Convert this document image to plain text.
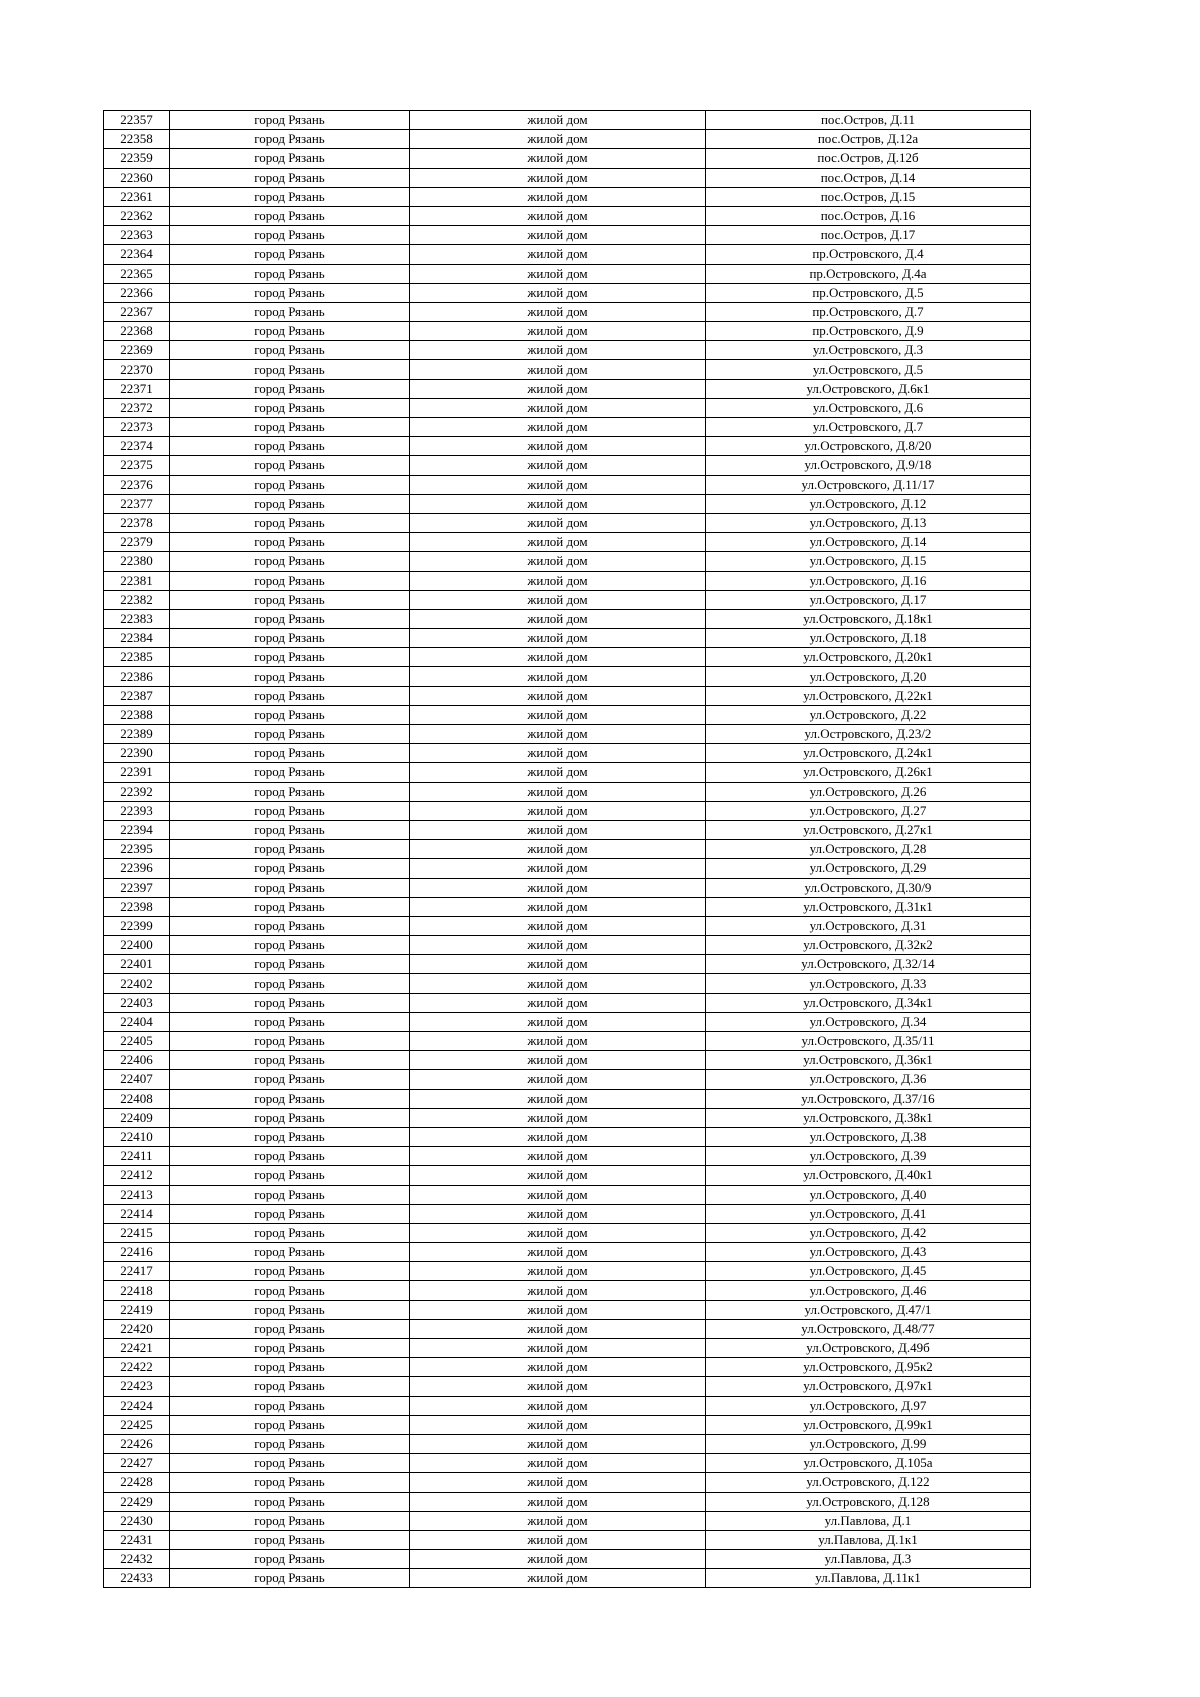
22357	город Рязань	жилой дом	пос.Остров, Д.11
22358	город Рязань	жилой дом	пос.Остров, Д.12а
22359	город Рязань	жилой дом	пос.Остров, Д.12б
22360	город Рязань	жилой дом	пос.Остров, Д.14
22361	город Рязань	жилой дом	пос.Остров, Д.15
22362	город Рязань	жилой дом	пос.Остров, Д.16
22363	город Рязань	жилой дом	пос.Остров, Д.17
22364	город Рязань	жилой дом	пр.Островского, Д.4
22365	город Рязань	жилой дом	пр.Островского, Д.4а
22366	город Рязань	жилой дом	пр.Островского, Д.5
22367	город Рязань	жилой дом	пр.Островского, Д.7
22368	город Рязань	жилой дом	пр.Островского, Д.9
22369	город Рязань	жилой дом	ул.Островского, Д.3
22370	город Рязань	жилой дом	ул.Островского, Д.5
22371	город Рязань	жилой дом	ул.Островского, Д.6к1
22372	город Рязань	жилой дом	ул.Островского, Д.6
22373	город Рязань	жилой дом	ул.Островского, Д.7
22374	город Рязань	жилой дом	ул.Островского, Д.8/20
22375	город Рязань	жилой дом	ул.Островского, Д.9/18
22376	город Рязань	жилой дом	ул.Островского, Д.11/17
22377	город Рязань	жилой дом	ул.Островского, Д.12
22378	город Рязань	жилой дом	ул.Островского, Д.13
22379	город Рязань	жилой дом	ул.Островского, Д.14
22380	город Рязань	жилой дом	ул.Островского, Д.15
22381	город Рязань	жилой дом	ул.Островского, Д.16
22382	город Рязань	жилой дом	ул.Островского, Д.17
22383	город Рязань	жилой дом	ул.Островского, Д.18к1
22384	город Рязань	жилой дом	ул.Островского, Д.18
22385	город Рязань	жилой дом	ул.Островского, Д.20к1
22386	город Рязань	жилой дом	ул.Островского, Д.20
22387	город Рязань	жилой дом	ул.Островского, Д.22к1
22388	город Рязань	жилой дом	ул.Островского, Д.22
22389	город Рязань	жилой дом	ул.Островского, Д.23/2
22390	город Рязань	жилой дом	ул.Островского, Д.24к1
22391	город Рязань	жилой дом	ул.Островского, Д.26к1
22392	город Рязань	жилой дом	ул.Островского, Д.26
22393	город Рязань	жилой дом	ул.Островского, Д.27
22394	город Рязань	жилой дом	ул.Островского, Д.27к1
22395	город Рязань	жилой дом	ул.Островского, Д.28
22396	город Рязань	жилой дом	ул.Островского, Д.29
22397	город Рязань	жилой дом	ул.Островского, Д.30/9
22398	город Рязань	жилой дом	ул.Островского, Д.31к1
22399	город Рязань	жилой дом	ул.Островского, Д.31
22400	город Рязань	жилой дом	ул.Островского, Д.32к2
22401	город Рязань	жилой дом	ул.Островского, Д.32/14
22402	город Рязань	жилой дом	ул.Островского, Д.33
22403	город Рязань	жилой дом	ул.Островского, Д.34к1
22404	город Рязань	жилой дом	ул.Островского, Д.34
22405	город Рязань	жилой дом	ул.Островского, Д.35/11
22406	город Рязань	жилой дом	ул.Островского, Д.36к1
22407	город Рязань	жилой дом	ул.Островского, Д.36
22408	город Рязань	жилой дом	ул.Островского, Д.37/16
22409	город Рязань	жилой дом	ул.Островского, Д.38к1
22410	город Рязань	жилой дом	ул.Островского, Д.38
22411	город Рязань	жилой дом	ул.Островского, Д.39
22412	город Рязань	жилой дом	ул.Островского, Д.40к1
22413	город Рязань	жилой дом	ул.Островского, Д.40
22414	город Рязань	жилой дом	ул.Островского, Д.41
22415	город Рязань	жилой дом	ул.Островского, Д.42
22416	город Рязань	жилой дом	ул.Островского, Д.43
22417	город Рязань	жилой дом	ул.Островского, Д.45
22418	город Рязань	жилой дом	ул.Островского, Д.46
22419	город Рязань	жилой дом	ул.Островского, Д.47/1
22420	город Рязань	жилой дом	ул.Островского, Д.48/77
22421	город Рязань	жилой дом	ул.Островского, Д.49б
22422	город Рязань	жилой дом	ул.Островского, Д.95к2
22423	город Рязань	жилой дом	ул.Островского, Д.97к1
22424	город Рязань	жилой дом	ул.Островского, Д.97
22425	город Рязань	жилой дом	ул.Островского, Д.99к1
22426	город Рязань	жилой дом	ул.Островского, Д.99
22427	город Рязань	жилой дом	ул.Островского, Д.105а
22428	город Рязань	жилой дом	ул.Островского, Д.122
22429	город Рязань	жилой дом	ул.Островского, Д.128
22430	город Рязань	жилой дом	ул.Павлова, Д.1
22431	город Рязань	жилой дом	ул.Павлова, Д.1к1
22432	город Рязань	жилой дом	ул.Павлова, Д.3
22433	город Рязань	жилой дом	ул.Павлова, Д.11к1
